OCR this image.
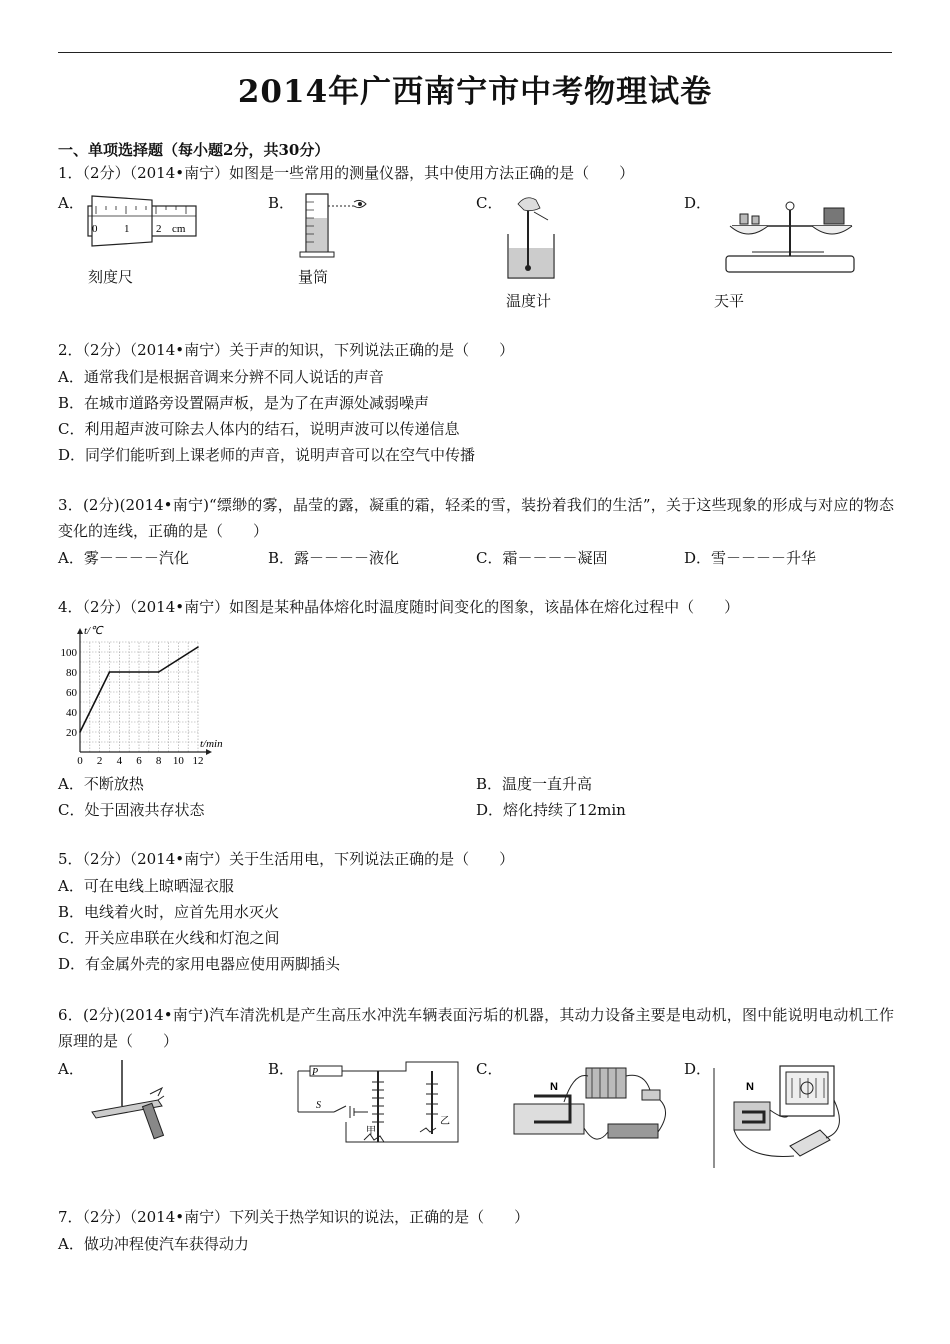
2014年广西南宁市中考物理试卷
一、单项选择题（每小题2分，共30分）
1．（2分）（2014•南宁）如图是一些常用的测量仪器，其中使用方法正确的是（　　）
A．	B．	C．	D．
0 1 2 cm
刻度尺	量筒
温度计	天平
2．（2分）（2014•南宁）关于声的知识，下列说法正确的是（　　）
A．通常我们是根据音调来分辨不同人说话的声音
B．在城市道路旁设置隔声板，是为了在声源处减弱噪声
C．利用超声波可除去人体内的结石，说明声波可以传递信息
D．同学们能听到上课老师的声音，说明声音可以在空气中传播
3．(2分)(2014•南宁)“缥缈的雾，晶莹的露，凝重的霜，轻柔的雪，装扮着我们的生活”，关于这些现象的形成与对应的物态变化的连线，正确的是（　　）
A．雾－－－－汽化	B．露－－－－液化	C．霜－－－－凝固	D．雪－－－－升华
4．（2分）（2014•南宁）如图是某种晶体熔化时温度随时间变化的图象，该晶体在熔化过程中（　　）
0 2 4 6 8 10 12
20
40
60
80
100
t/℃
t/min
A．不断放热	B．温度一直升高
C．处于固液共存状态	D．熔化持续了12min
5．（2分）（2014•南宁）关于生活用电，下列说法正确的是（　　）
A．可在电线上晾晒湿衣服
B．电线着火时，应首先用水灭火
C．开关应串联在火线和灯泡之间
D．有金属外壳的家用电器应使用两脚插头
6．(2分)(2014•南宁)汽车清洗机是产生高压水冲洗车辆表面污垢的机器，其动力设备主要是电动机，图中能说明电动机工作原理的是（　　）
A．	B．	C．	D．
P
S
甲
乙
N	N
7．（2分）（2014•南宁）下列关于热学知识的说法，正确的是（　　）
A．做功冲程使汽车获得动力
